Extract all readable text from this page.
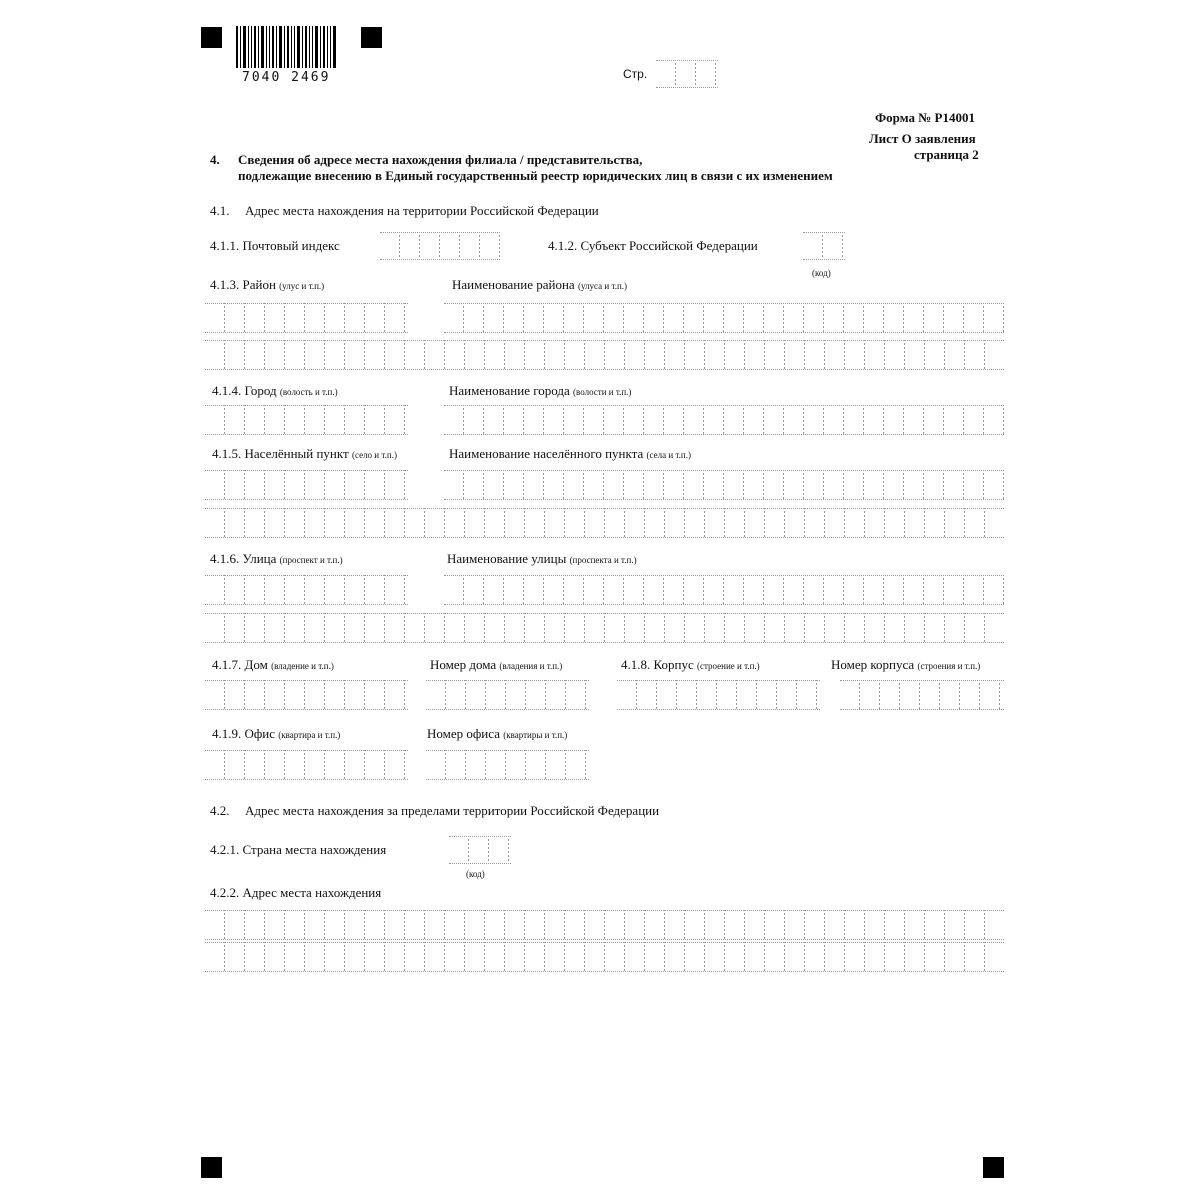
7040 2469	Стр.
Форма № Р14001
Лист О заявления
страница 2
4. Сведения об адресе места нахождения филиала / представительства,
подлежащие внесению в Единый государственный реестр юридических лиц в связи с их изменением
4.1. Адрес места нахождения на территории Российской Федерации
4.1.1. Почтовый индекс	4.1.2. Субъект Российской Федерации
(код)
4.1.3. Район (улус и т.п.)	Наименование района (улуса и т.п.)
4.1.4. Город (волость и т.п.)	Наименование города (волости и т.п.)
4.1.5. Населённый пункт (село и т.п.)	Наименование населённого пункта (села и т.п.)
4.1.6. Улица (проспект и т.п.)	Наименование улицы (проспекта и т.п.)
4.1.7. Дом (владение и т.п.)	Номер дома (владения и т.п.)	4.1.8. Корпус (строение и т.п.)	Номер корпуса (строения и т.п.)
4.1.9. Офис (квартира и т.п.)	Номер офиса (квартиры и т.п.)
4.2. Адрес места нахождения за пределами территории Российской Федерации
4.2.1. Страна места нахождения
(код)
4.2.2. Адрес места нахождения
